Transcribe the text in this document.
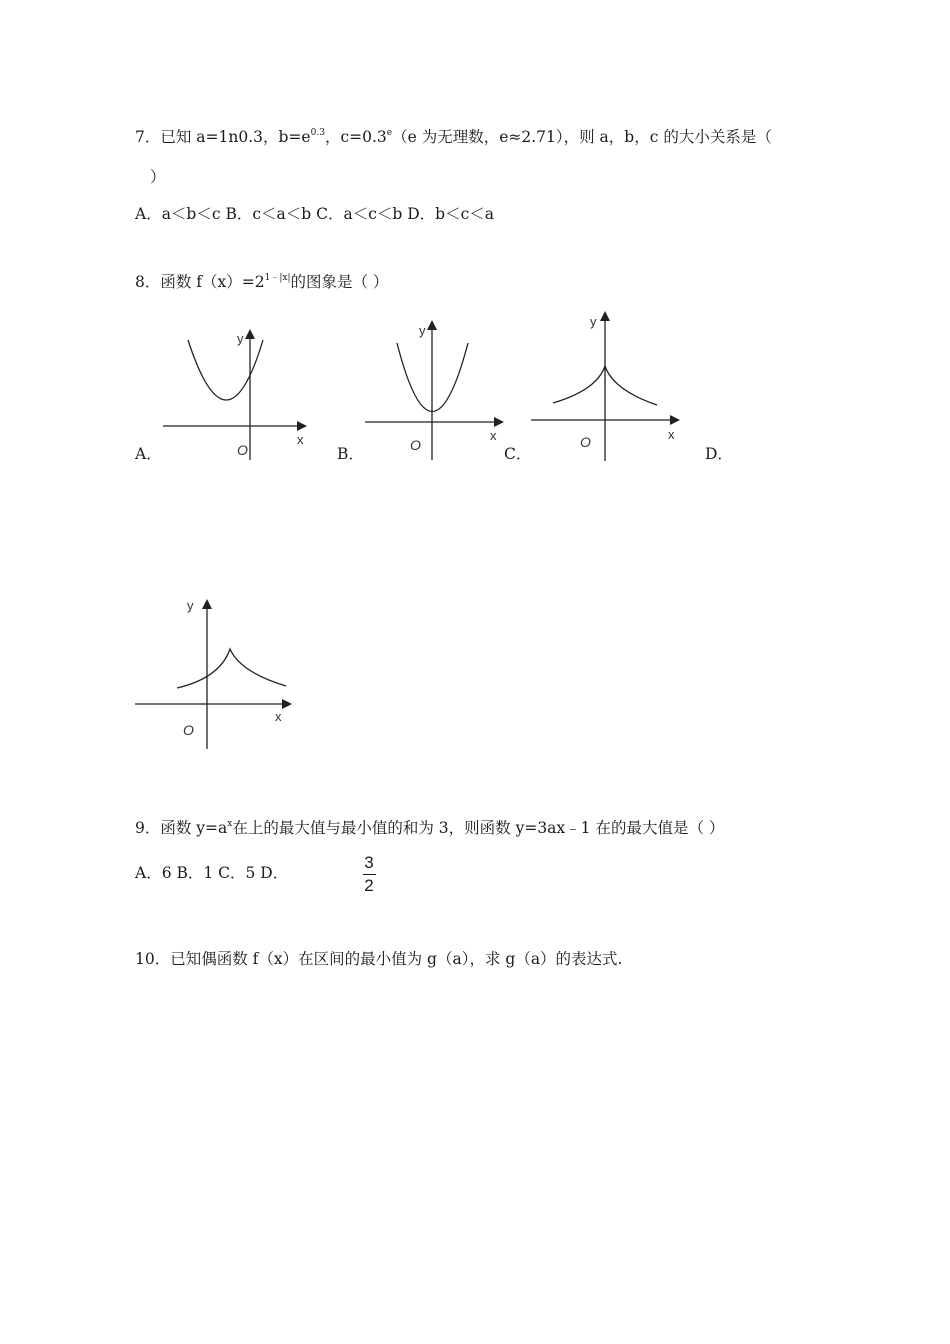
7．已知 a=1n0.3，$b=e^{0.3}$，c=0.3$^e$（e 为无理数，e≈2.71），则 a，b，c 的大小关系是（
）
A．a＜b＜c B．c＜a＜b C．a＜c＜b D．b＜c＜a
8．函数 $f(x)=2^{1﹣|x|}$的图象是（ ）
A．	B．	C．	D．
x
y
O
x
y
O
x
y
O
x
y
O
9．函数 $y=a^x$在上的最大值与最小值的和为 3，则函数 y=3ax﹣1 在的最大值是（ ）
A．6 B．1 C．5 D．
3
2
10．已知偶函数 f（x）在区间的最小值为 g（a），求 g（a）的表达式.
